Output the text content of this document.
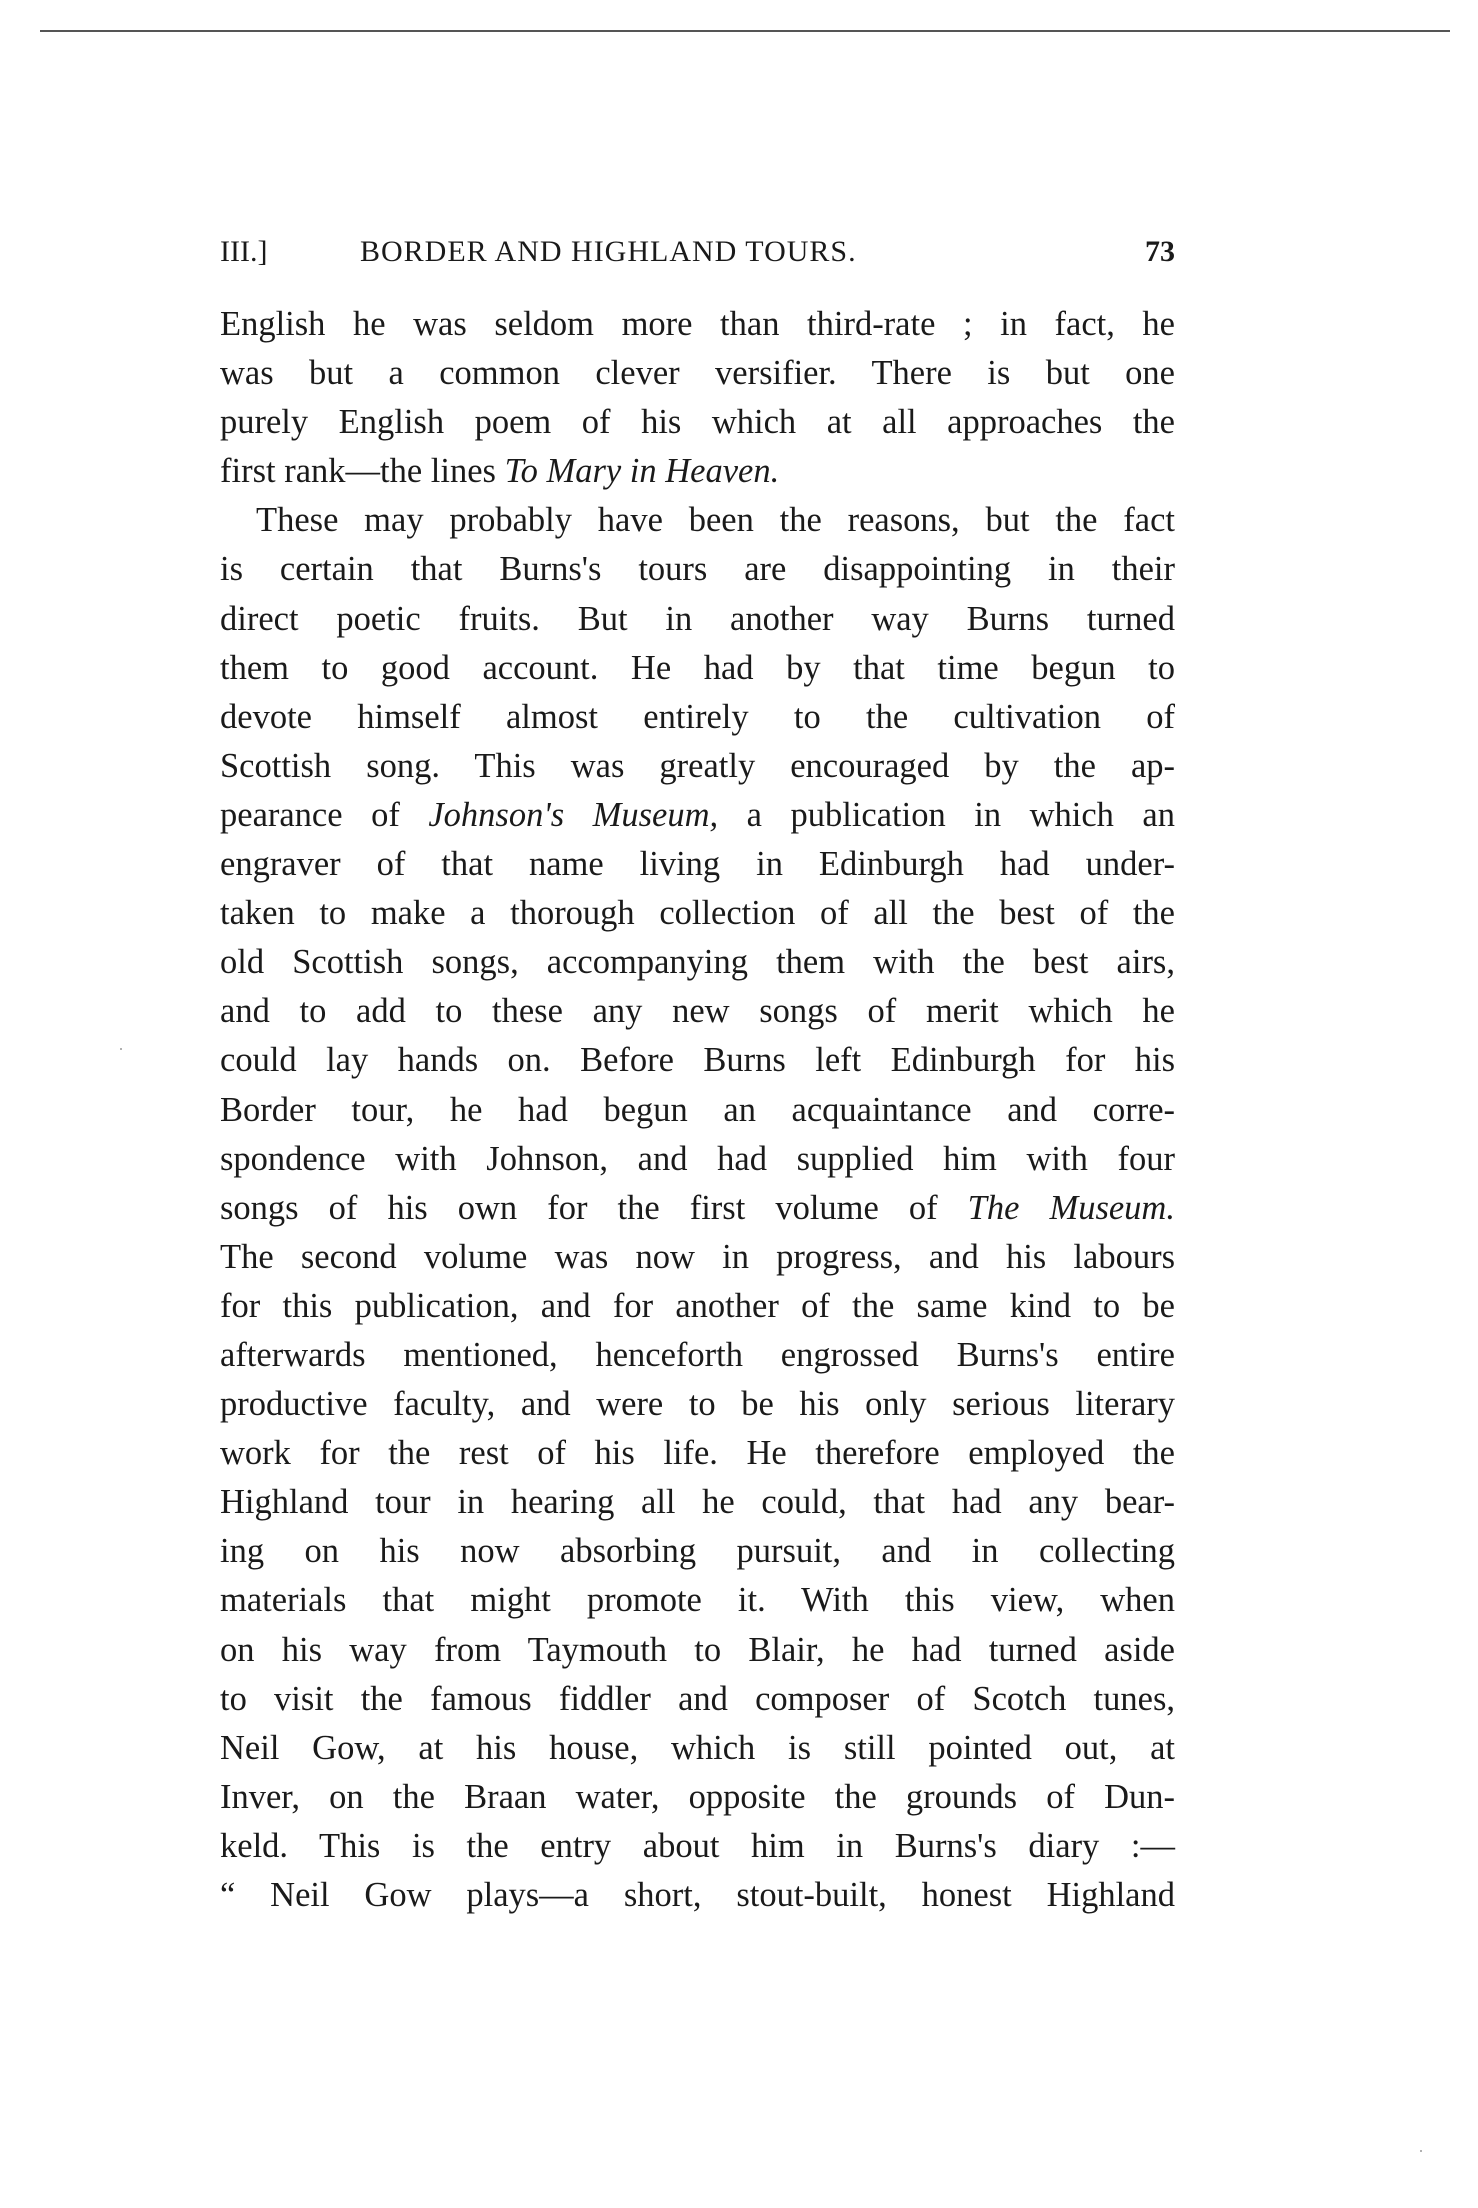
III.]	BORDER AND HIGHLAND TOURS.	73
English he was seldom more than third-rate ; in fact, he
was but a common clever versifier. There is but one
purely English poem of his which at all approaches the
first rank—the lines To Mary in Heaven.
These may probably have been the reasons, but the fact
is certain that Burns's tours are disappointing in their
direct poetic fruits. But in another way Burns turned
them to good account. He had by that time begun to
devote himself almost entirely to the cultivation of
Scottish song. This was greatly encouraged by the ap-
pearance of Johnson's Museum, a publication in which an
engraver of that name living in Edinburgh had under-
taken to make a thorough collection of all the best of the
old Scottish songs, accompanying them with the best airs,
and to add to these any new songs of merit which he
could lay hands on. Before Burns left Edinburgh for his
Border tour, he had begun an acquaintance and corre-
spondence with Johnson, and had supplied him with four
songs of his own for the first volume of The Museum.
The second volume was now in progress, and his labours
for this publication, and for another of the same kind to be
afterwards mentioned, henceforth engrossed Burns's entire
productive faculty, and were to be his only serious literary
work for the rest of his life. He therefore employed the
Highland tour in hearing all he could, that had any bear-
ing on his now absorbing pursuit, and in collecting
materials that might promote it. With this view, when
on his way from Taymouth to Blair, he had turned aside
to visit the famous fiddler and composer of Scotch tunes,
Neil Gow, at his house, which is still pointed out, at
Inver, on the Braan water, opposite the grounds of Dun-
keld. This is the entry about him in Burns's diary :—
“ Neil Gow plays—a short, stout-built, honest Highland
